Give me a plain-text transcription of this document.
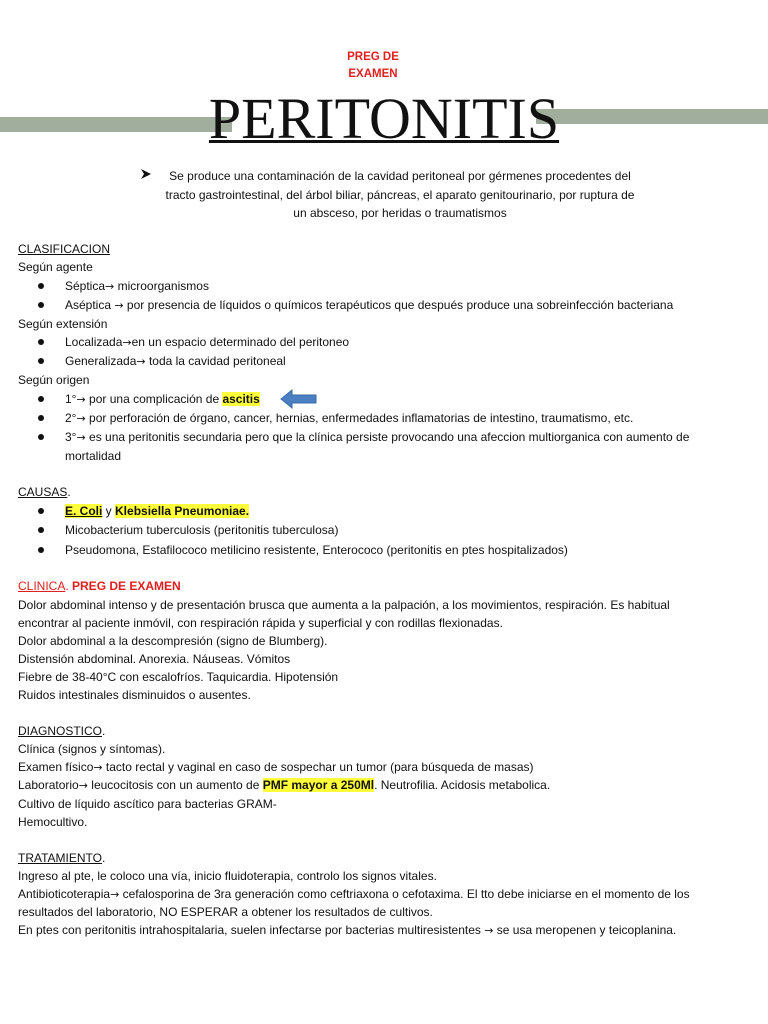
PREG DE
EXAMEN
PERITONITIS
Se produce una contaminación de la cavidad peritoneal por gérmenes procedentes del
tracto gastrointestinal, del árbol biliar, páncreas, el aparato genitourinario, por ruptura de
un absceso, por heridas o traumatismos
CLASIFICACION
Según agente
Séptica→ microorganismos
Aséptica → por presencia de líquidos o químicos terapéuticos que después produce una sobreinfección bacteriana
Según extensión
Localizada→en un espacio determinado del peritoneo
Generalizada→ toda la cavidad peritoneal
Según origen
1°→ por una complicación de ascitis
2°→ por perforación de órgano, cancer, hernias, enfermedades inflamatorias de intestino, traumatismo, etc.
3°→ es una peritonitis secundaria pero que la clínica persiste provocando una afeccion multiorganica con aumento de mortalidad
CAUSAS.
E. Coli y Klebsiella Pneumoniae.
Micobacterium tuberculosis (peritonitis tuberculosa)
Pseudomona, Estafilococo metilicino resistente, Enterococo (peritonitis en ptes hospitalizados)
CLINICA. PREG DE EXAMEN
Dolor abdominal intenso y de presentación brusca que aumenta a la palpación, a los movimientos, respiración. Es habitual
encontrar al paciente inmóvil, con respiración rápida y superficial y con rodillas flexionadas.
Dolor abdominal a la descompresión (signo de Blumberg).
Distensión abdominal. Anorexia. Náuseas. Vómitos
Fiebre de 38-40°C con escalofríos. Taquicardia. Hipotensión
Ruidos intestinales disminuidos o ausentes.
DIAGNOSTICO.
Clínica (signos y síntomas).
Examen físico→ tacto rectal y vaginal en caso de sospechar un tumor (para búsqueda de masas)
Laboratorio→ leucocitosis con un aumento de PMF mayor a 250Ml. Neutrofilia. Acidosis metabolica.
Cultivo de líquido ascítico para bacterias GRAM-
Hemocultivo.
TRATAMIENTO.
Ingreso al pte, le coloco una vía, inicio fluidoterapia, controlo los signos vitales.
Antibioticoterapia→ cefalosporina de 3ra generación como ceftriaxona o cefotaxima. El tto debe iniciarse en el momento de los
resultados del laboratorio, NO ESPERAR a obtener los resultados de cultivos.
En ptes con peritonitis intrahospitalaria, suelen infectarse por bacterias multiresistentes → se usa meropenen y teicoplanina.
